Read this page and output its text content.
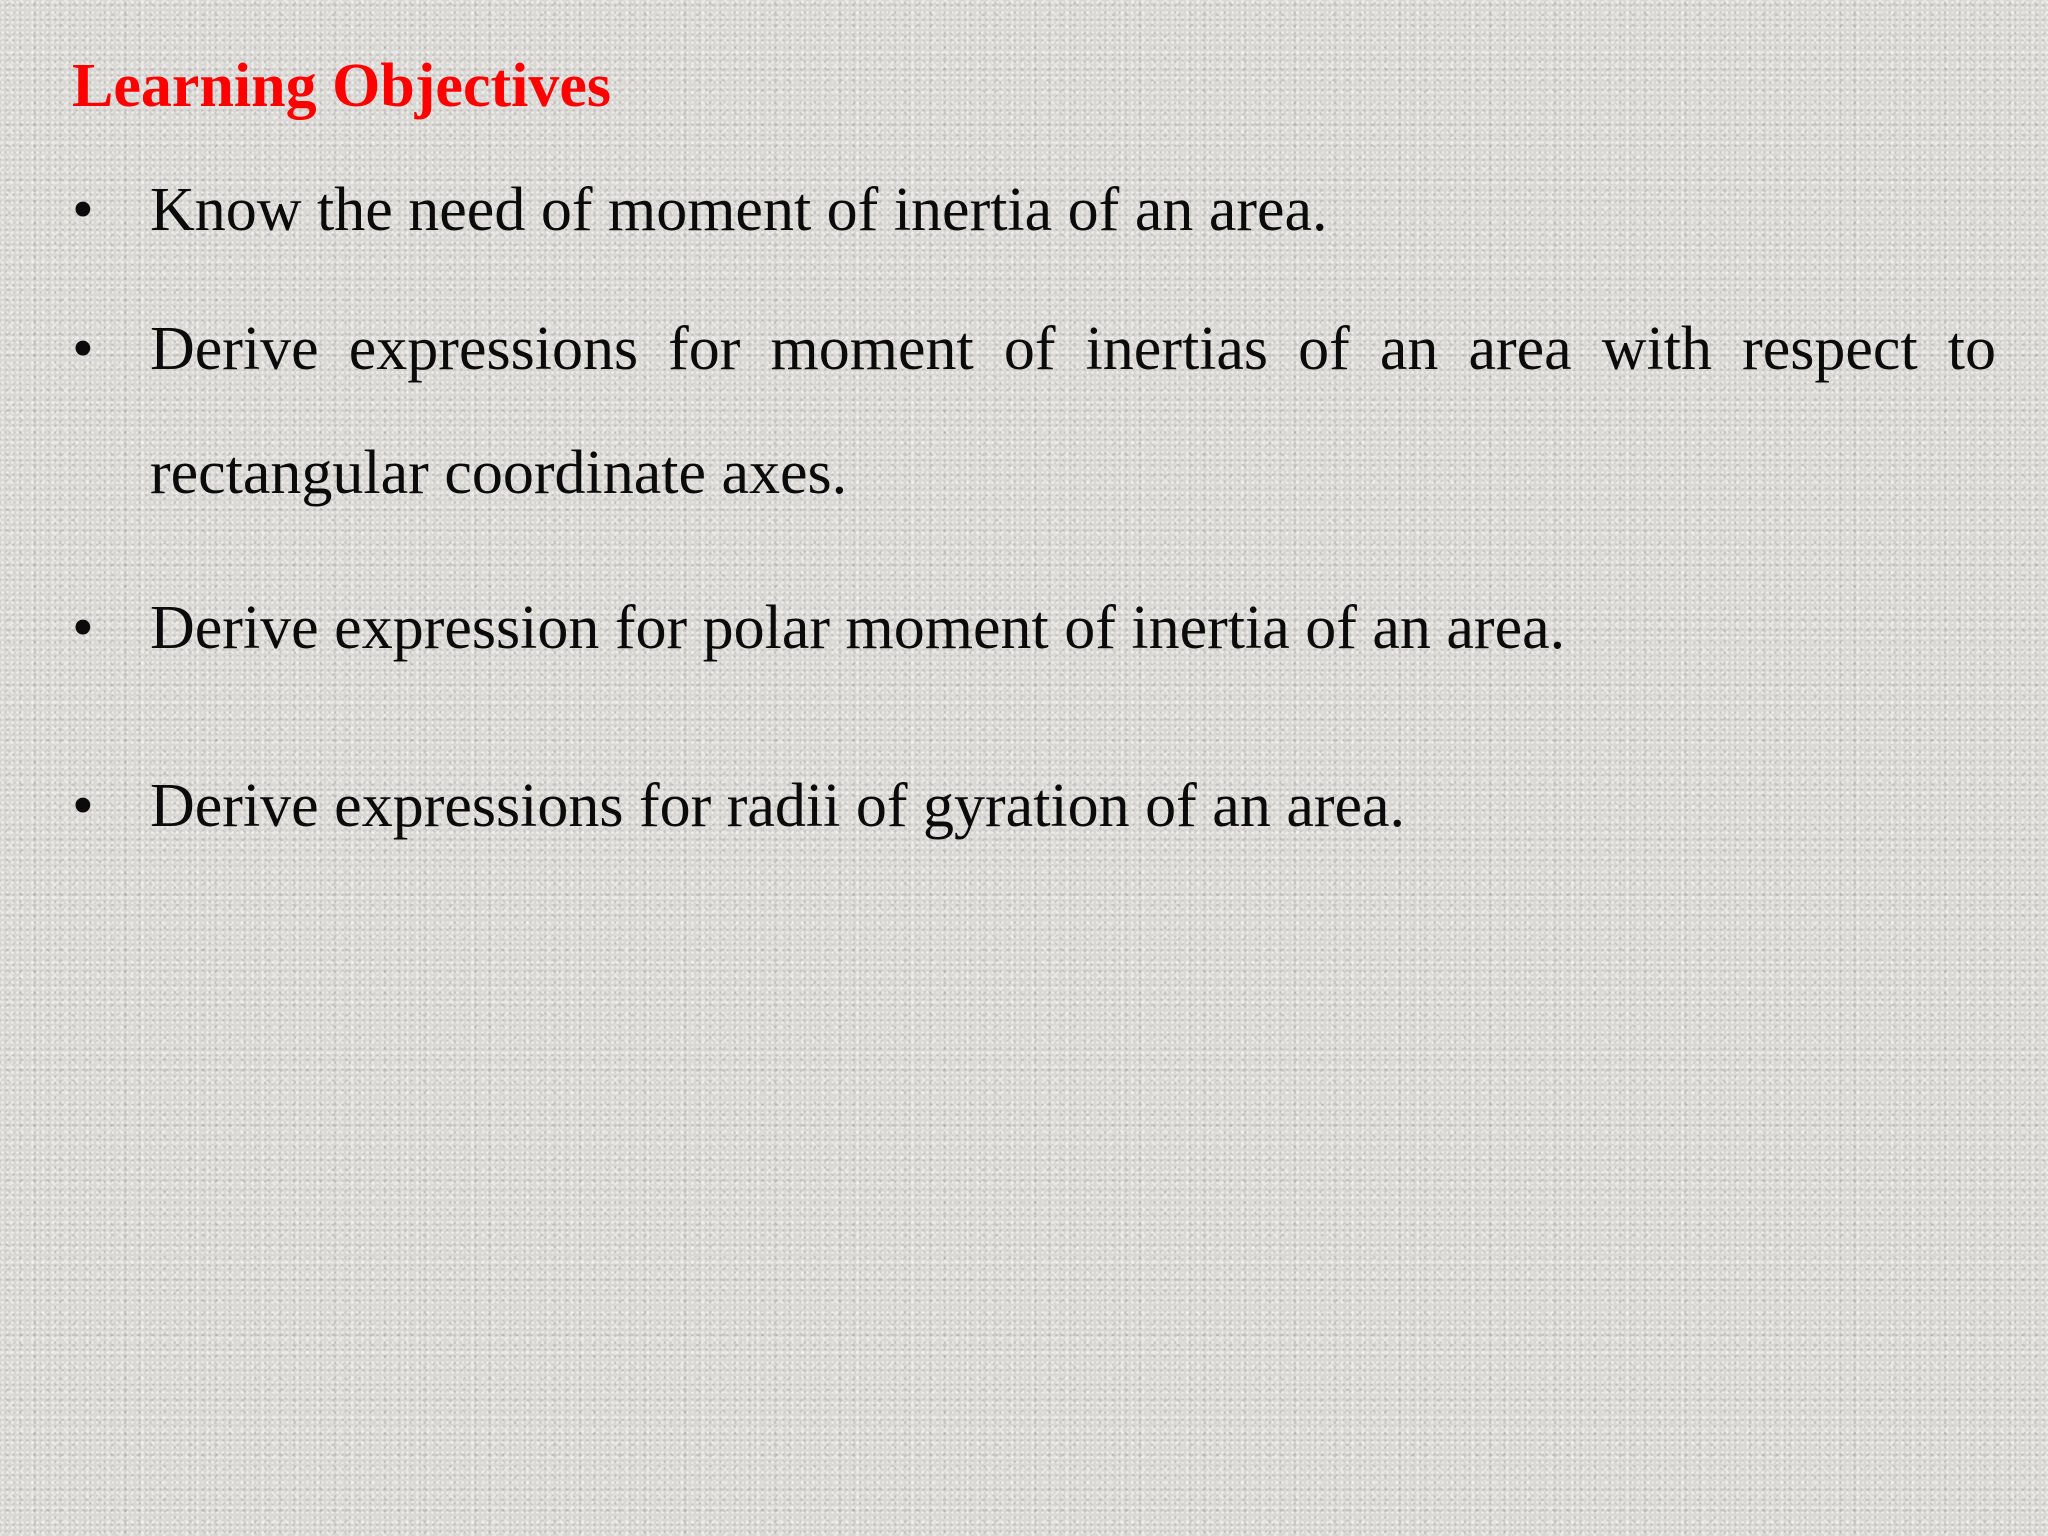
Learning Objectives
• Know the need of moment of inertia of an area.
• Derive expressions for moment of inertias of an area with respect to rectangular coordinate axes.
• Derive expression for polar moment of inertia of an area.
• Derive expressions for radii of gyration of an area.
